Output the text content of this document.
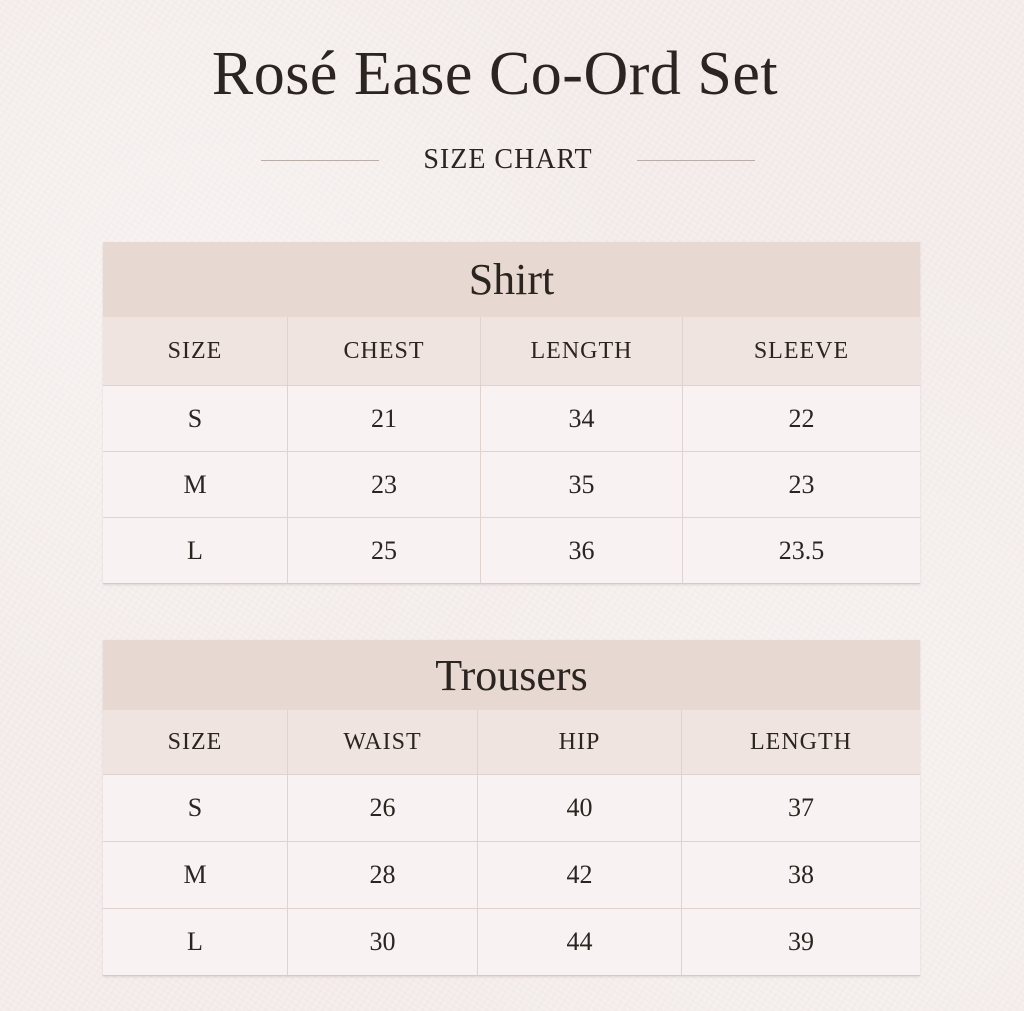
Rosé Ease Co-Ord Set
SIZE CHART
Shirt
SIZE	CHEST	LENGTH	SLEEVE
S	21	34	22
M	23	35	23
L	25	36	23.5
Trousers
SIZE	WAIST	HIP	LENGTH
S	26	40	37
M	28	42	38
L	30	44	39
